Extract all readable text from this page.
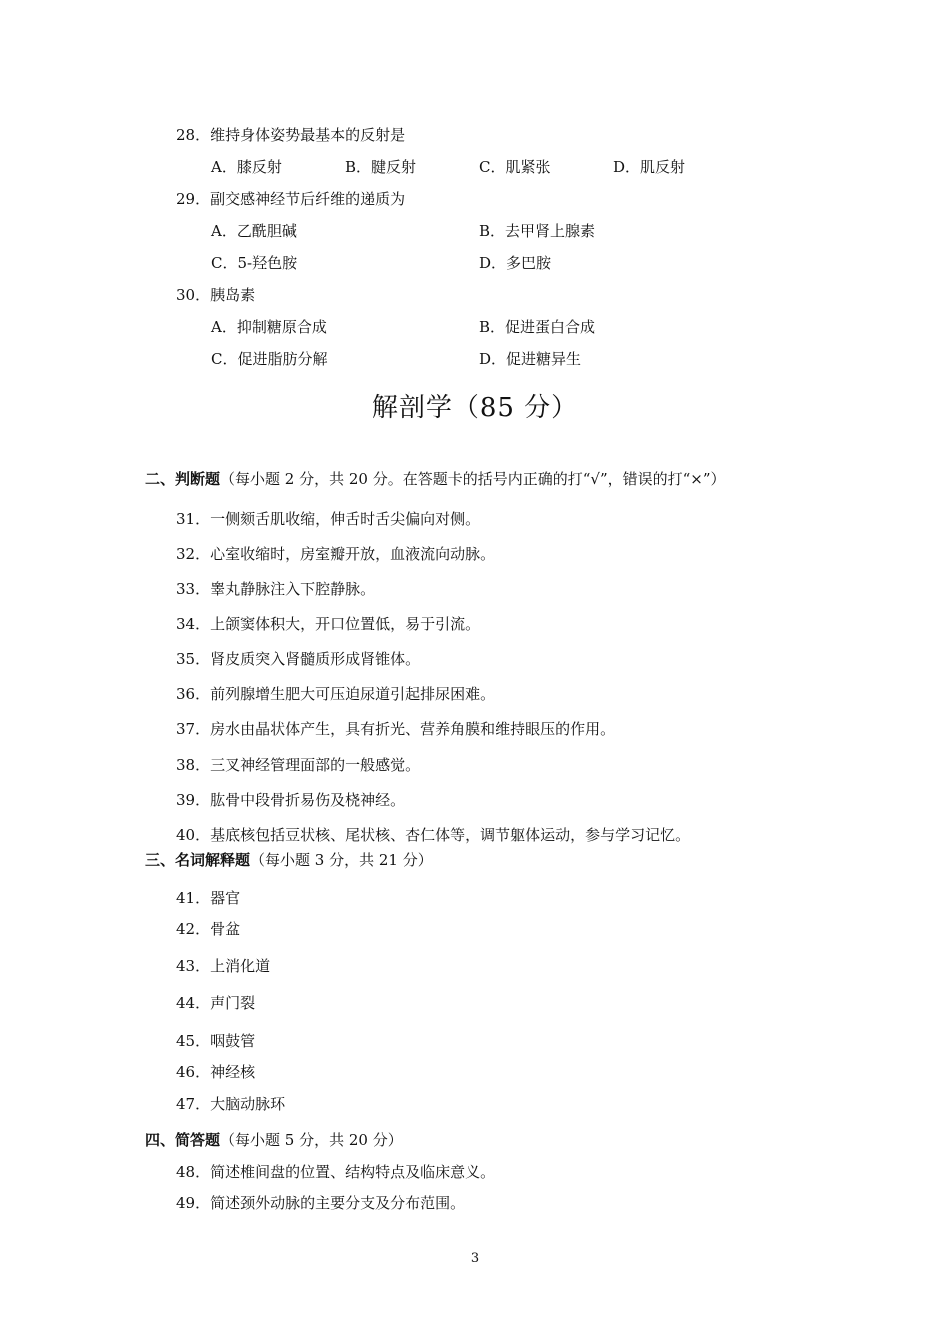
28．维持身体姿势最基本的反射是
A．膝反射	B．腱反射	C．肌紧张	D．肌反射
29．副交感神经节后纤维的递质为
A．乙酰胆碱	B．去甲肾上腺素
C．5-羟色胺	D．多巴胺
30．胰岛素
A．抑制糖原合成	B．促进蛋白合成
C．促进脂肪分解	D．促进糖异生
解剖学（85 分）
二、判断题（每小题 2 分，共 20 分。在答题卡的括号内正确的打“√”，错误的打“×”）
31．一侧颏舌肌收缩，伸舌时舌尖偏向对侧。
32．心室收缩时，房室瓣开放，血液流向动脉。
33．睾丸静脉注入下腔静脉。
34．上颌窦体积大，开口位置低，易于引流。
35．肾皮质突入肾髓质形成肾锥体。
36．前列腺增生肥大可压迫尿道引起排尿困难。
37．房水由晶状体产生，具有折光、营养角膜和维持眼压的作用。
38．三叉神经管理面部的一般感觉。
39．肱骨中段骨折易伤及桡神经。
40．基底核包括豆状核、尾状核、杏仁体等，调节躯体运动，参与学习记忆。
三、名词解释题（每小题 3 分，共 21 分）
41．器官
42．骨盆
43．上消化道
44．声门裂
45．咽鼓管
46．神经核
47．大脑动脉环
四、简答题（每小题 5 分，共 20 分）
48．简述椎间盘的位置、结构特点及临床意义。
49．简述颈外动脉的主要分支及分布范围。
3
